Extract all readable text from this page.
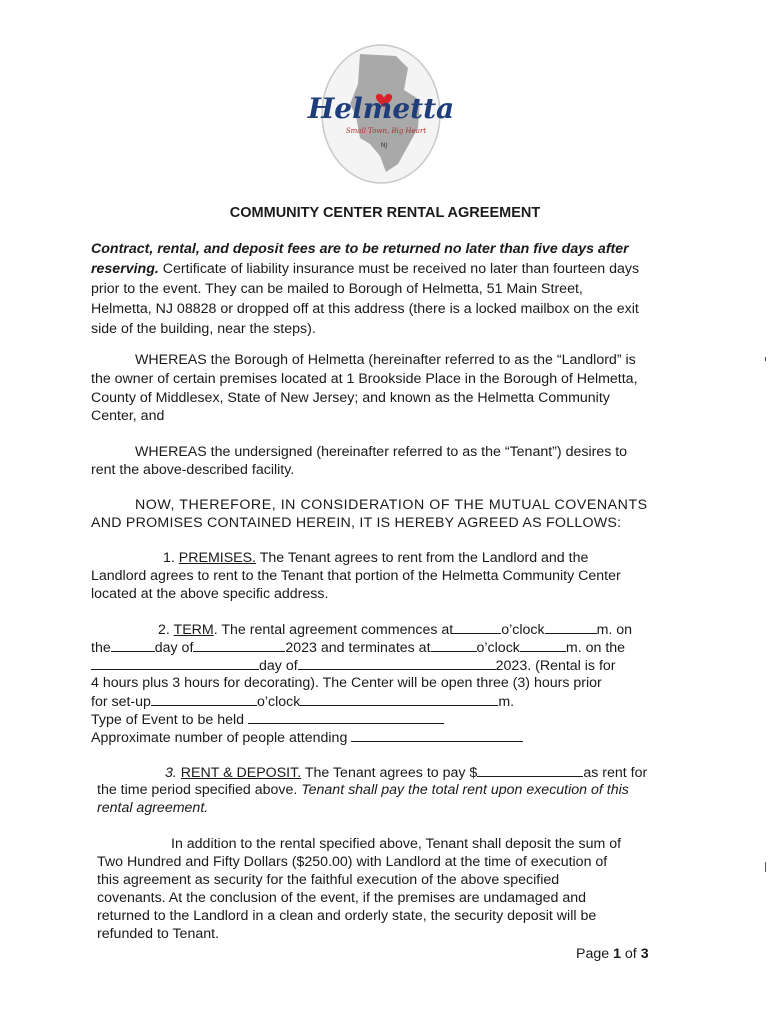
Helmetta
Small Town, Big Heart
NJ
COMMUNITY CENTER RENTAL AGREEMENT
Contract, rental, and deposit fees are to be returned no later than five days after
reserving. Certificate of liability insurance must be received no later than fourteen days
prior to the event. They can be mailed to Borough of Helmetta, 51 Main Street,
Helmetta, NJ 08828 or dropped off at this address (there is a locked mailbox on the exit
side of the building, near the steps).
WHEREAS the Borough of Helmetta (hereinafter referred to as the “Landlord” is
the owner of certain premises located at 1 Brookside Place in the Borough of Helmetta,
County of Middlesex, State of New Jersey; and known as the Helmetta Community
Center, and
WHEREAS the undersigned (hereinafter referred to as the “Tenant”) desires to
rent the above-described facility.
NOW, THEREFORE, IN CONSIDERATION OF THE MUTUAL COVENANTS
AND PROMISES CONTAINED HEREIN, IT IS HEREBY AGREED AS FOLLOWS:
1. PREMISES. The Tenant agrees to rent from the Landlord and the
Landlord agrees to rent to the Tenant that portion of the Helmetta Community Center
located at the above specific address.
2. TERM. The rental agreement commences at	o’clock	m. on
the	day of	2023 and terminates at	o’clock	m. on the
day of	2023. (Rental is for
4 hours plus 3 hours for decorating). The Center will be open three (3) hours prior
for set-up	o’clock	m.
Type of Event to be held
Approximate number of people attending
3. RENT & DEPOSIT. The Tenant agrees to pay $	as rent for
the time period specified above. Tenant shall pay the total rent upon execution of this
rental agreement.
In addition to the rental specified above, Tenant shall deposit the sum of
Two Hundred and Fifty Dollars ($250.00) with Landlord at the time of execution of
this agreement as security for the faithful execution of the above specified
covenants. At the conclusion of the event, if the premises are undamaged and
returned to the Landlord in a clean and orderly state, the security deposit will be
refunded to Tenant.
Page 1 of 3
